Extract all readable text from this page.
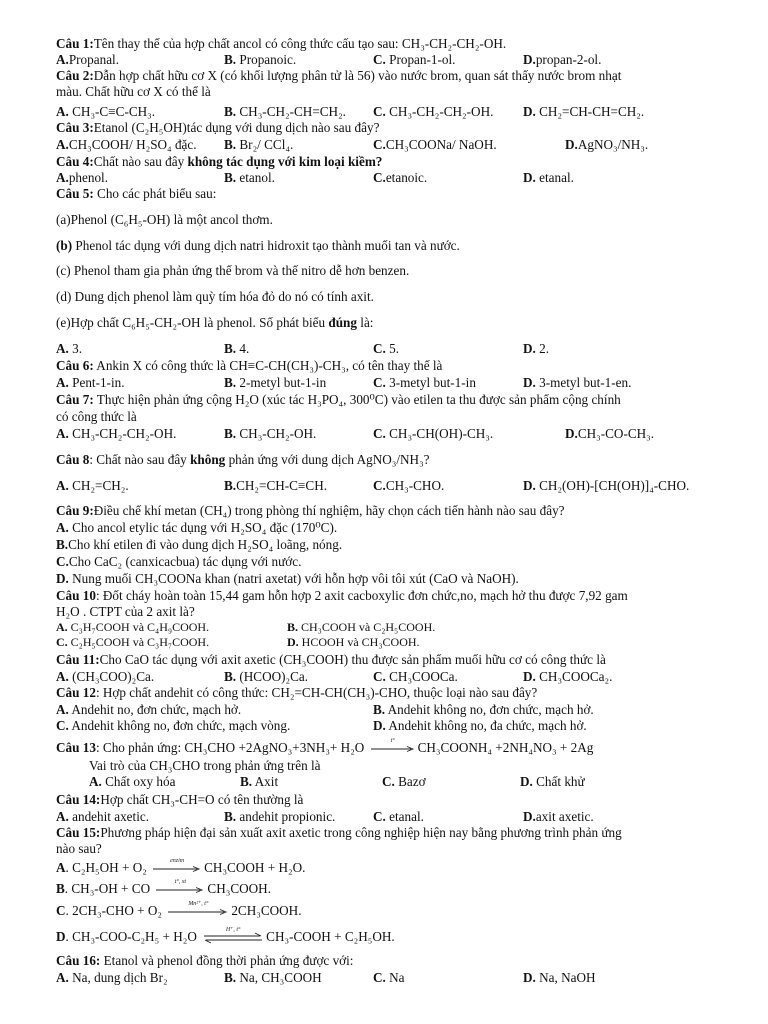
Câu 1:Tên thay thế của hợp chất ancol có công thức cấu tạo sau: CH₃-CH₂-CH₂-OH.
A.Propanal.	B. Propanoic.	C. Propan-1-ol.	D.propan-2-ol.
Câu 2:Dẫn hợp chất hữu cơ X (có khối lượng phân tử là 56) vào nước brom, quan sát thấy nước brom nhạt
màu. Chất hữu cơ X có thể là
A. CH₃-C≡C-CH₃.	B. CH₃-CH₂-CH=CH₂. C. CH₃-CH₂-CH₂-OH. D. CH₂=CH-CH=CH₂.
Câu 3:Etanol (C₂H₅OH)tác dụng với dung dịch nào sau đây?
A.CH₃COOH/ H₂SO₄ đặc. B. Br₂/ CCl₄.	C.CH₃COONa/ NaOH.	D.AgNO₃/NH₃.
Câu 4:Chất nào sau đây không tác dụng với kim loại kiềm?
A.phenol.	B. etanol.	C.etanoic.	D. etanal.
Câu 5: Cho các phát biểu sau:
(a)Phenol (C₆H₅-OH) là một ancol thơm.
(b) Phenol tác dụng với dung dịch natri hidroxit tạo thành muối tan và nước.
(c) Phenol tham gia phản ứng thế brom và thế nitro dễ hơn benzen.
(d) Dung dịch phenol làm quỳ tím hóa đỏ do nó có tính axit.
(e)Hợp chất C₆H₅-CH₂-OH là phenol. Số phát biểu đúng là:
A. 3.	B. 4.	C. 5.	D. 2.
Câu 6: Ankin X có công thức là CH≡C-CH(CH₃)-CH₃, có tên thay thế là
A. Pent-1-in.	B. 2-metyl but-1-in	C. 3-metyl but-1-in	D. 3-metyl but-1-en.
Câu 7: Thực hiện phản ứng cộng H₂O (xúc tác H₃PO₄, 300⁰C) vào etilen ta thu được sản phẩm cộng chính
có công thức là
A. CH₃-CH₂-CH₂-OH.	B. CH₃-CH₂-OH.	C. CH₃-CH(OH)-CH₃.	D.CH₃-CO-CH₃.
Câu 8: Chất nào sau đây không phản ứng với dung dịch AgNO₃/NH₃?
A. CH₂=CH₂.	B.CH₂=CH-C≡CH.	C.CH₃-CHO.	D. CH₂(OH)-[CH(OH)]₄-CHO.
Câu 9:Điều chế khí metan (CH₄) trong phòng thí nghiệm, hãy chọn cách tiến hành nào sau đây?
A. Cho ancol etylic tác dụng với H₂SO₄ đặc (170⁰C).
B.Cho khí etilen đi vào dung dịch H₂SO₄ loãng, nóng.
C.Cho CaC₂ (canxicacbua) tác dụng với nước.
D. Nung muối CH₃COONa khan (natri axetat) với hỗn hợp vôi tôi xút (CaO và NaOH).
Câu 10: Đốt cháy hoàn toàn 15,44 gam hỗn hợp 2 axit cacboxylic đơn chức,no, mạch hở thu được 7,92 gam
H₂O . CTPT của 2 axit là?
A. C₃H₇COOH và C₄H₉COOH.	B. CH₃COOH và C₂H₅COOH.
C. C₂H₅COOH và C₃H₇COOH.	D. HCOOH và CH₃COOH.
Câu 11:Cho CaO tác dụng với axit axetic (CH₃COOH) thu được sản phẩm muối hữu cơ có công thức là
A. (CH₃COO)₂Ca.	B. (HCOO)₂Ca.	C. CH₃COOCa.	D. CH₃COOCa₂.
Câu 12: Hợp chất andehit có công thức: CH₂=CH-CH(CH₃)-CHO, thuộc loại nào sau đây?
A. Andehit no, đơn chức, mạch hở.	B. Andehit không no, đơn chức, mạch hở.
C. Andehit không no, đơn chức, mạch vòng.	D. Andehit không no, đa chức, mạch hở.
Câu 13: Cho phản ứng: CH₃CHO +2AgNO₃+3NH₃+ H₂O	t°	CH₃COONH₄ +2NH₄NO₃ + 2Ag
Vai trò của CH₃CHO trong phản ứng trên là
A. Chất oxy hóa	B. Axit	C. Bazơ	D. Chất khử
Câu 14:Hợp chất CH₃-CH=O có tên thường là
A. andehit axetic.	B. andehit propionic.	C. etanal.	D.axit axetic.
Câu 15:Phương pháp hiện đại sản xuất axit axetic trong công nghiệp hiện nay bằng phương trình phản ứng
nào sau?
A. C₂H₅OH + O₂	enzim	CH₃COOH + H₂O.
B. CH₃-OH + CO	t°, xt	CH₃COOH.
C. 2CH₃-CHO + O₂	Mn²⁺, t°	2CH₃COOH.
D. CH₃-COO-C₂H₅ + H₂O	H⁺, t°	CH₃-COOH + C₂H₅OH.
Câu 16: Etanol và phenol đồng thời phản ứng được với:
A. Na, dung dịch Br₂	B. Na, CH₃COOH	C. Na	D. Na, NaOH
